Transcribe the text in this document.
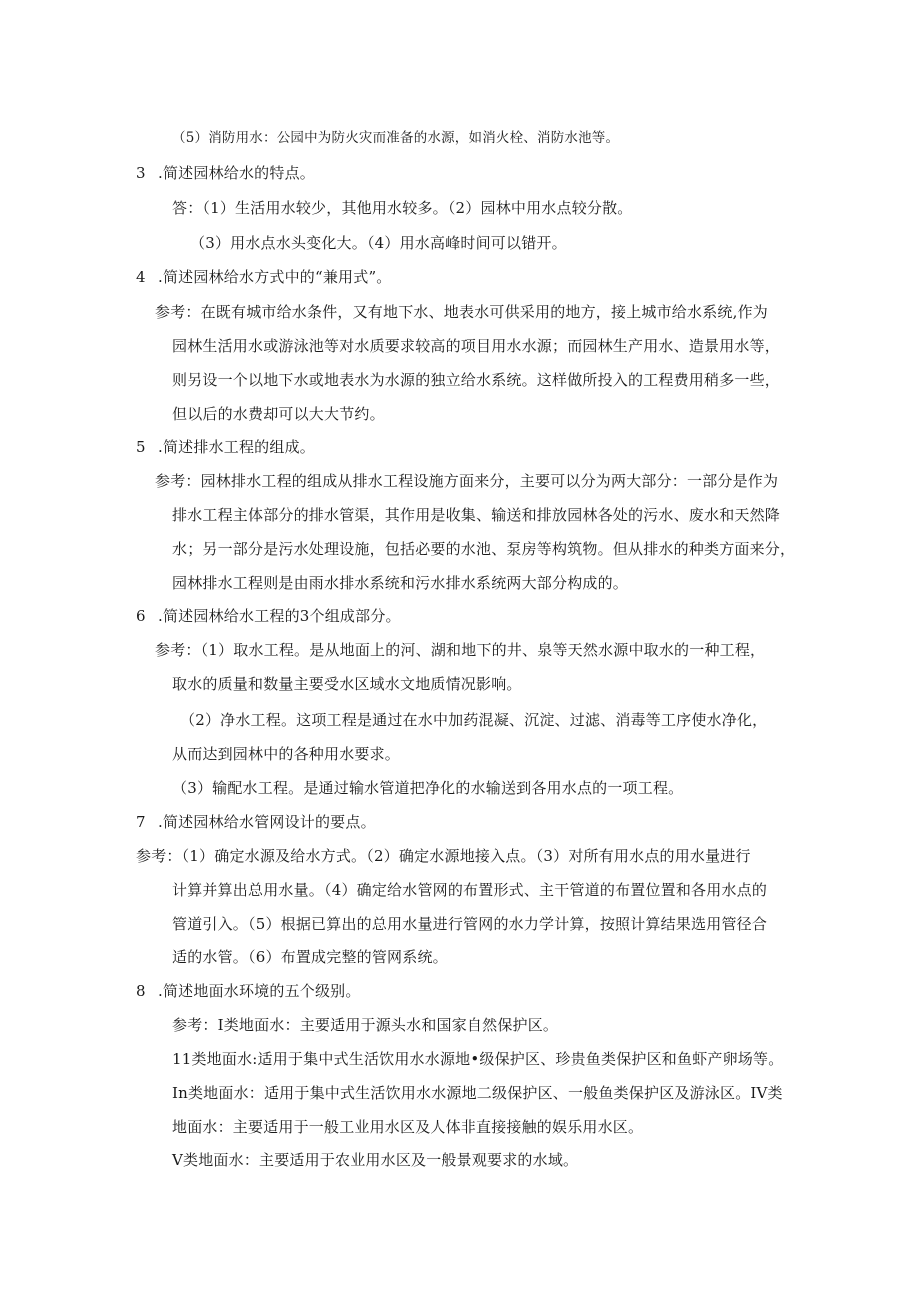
（5）消防用水：公园中为防火灾而准备的水源，如消火栓、消防水池等。
3 .简述园林给水的特点。
答：（1）生活用水较少，其他用水较多。（2）园林中用水点较分散。
（3）用水点水头变化大。（4）用水高峰时间可以错开。
4 .简述园林给水方式中的“兼用式”。
参考：在既有城市给水条件，又有地下水、地表水可供采用的地方，接上城市给水系统,作为
园林生活用水或游泳池等对水质要求较高的项目用水水源；而园林生产用水、造景用水等，
则另设一个以地下水或地表水为水源的独立给水系统。这样做所投入的工程费用稍多一些，
但以后的水费却可以大大节约。
5 .简述排水工程的组成。
参考：园林排水工程的组成从排水工程设施方面来分，主要可以分为两大部分：一部分是作为
排水工程主体部分的排水管渠，其作用是收集、输送和排放园林各处的污水、废水和天然降
水；另一部分是污水处理设施，包括必要的水池、泵房等构筑物。但从排水的种类方面来分，
园林排水工程则是由雨水排水系统和污水排水系统两大部分构成的。
6 .简述园林给水工程的3个组成部分。
参考：（1）取水工程。是从地面上的河、湖和地下的井、泉等天然水源中取水的一种工程，
取水的质量和数量主要受水区域水文地质情况影响。
（2）净水工程。这项工程是通过在水中加药混凝、沉淀、过滤、消毒等工序使水净化，
从而达到园林中的各种用水要求。
（3）输配水工程。是通过输水管道把净化的水输送到各用水点的一项工程。
7 .简述园林给水管网设计的要点。
参考：（1）确定水源及给水方式。（2）确定水源地接入点。（3）对所有用水点的用水量进行
计算并算出总用水量。（4）确定给水管网的布置形式、主干管道的布置位置和各用水点的
管道引入。（5）根据已算出的总用水量进行管网的水力学计算，按照计算结果选用管径合
适的水管。（6）布置成完整的管网系统。
8 .简述地面水环境的五个级别。
参考：I类地面水：主要适用于源头水和国家自然保护区。
11类地面水:适用于集中式生活饮用水水源地•级保护区、珍贵鱼类保护区和鱼虾产卵场等。
In类地面水：适用于集中式生活饮用水水源地二级保护区、一般鱼类保护区及游泳区。IV类
地面水：主要适用于一般工业用水区及人体非直接接触的娱乐用水区。
V类地面水：主要适用于农业用水区及一般景观要求的水域。
